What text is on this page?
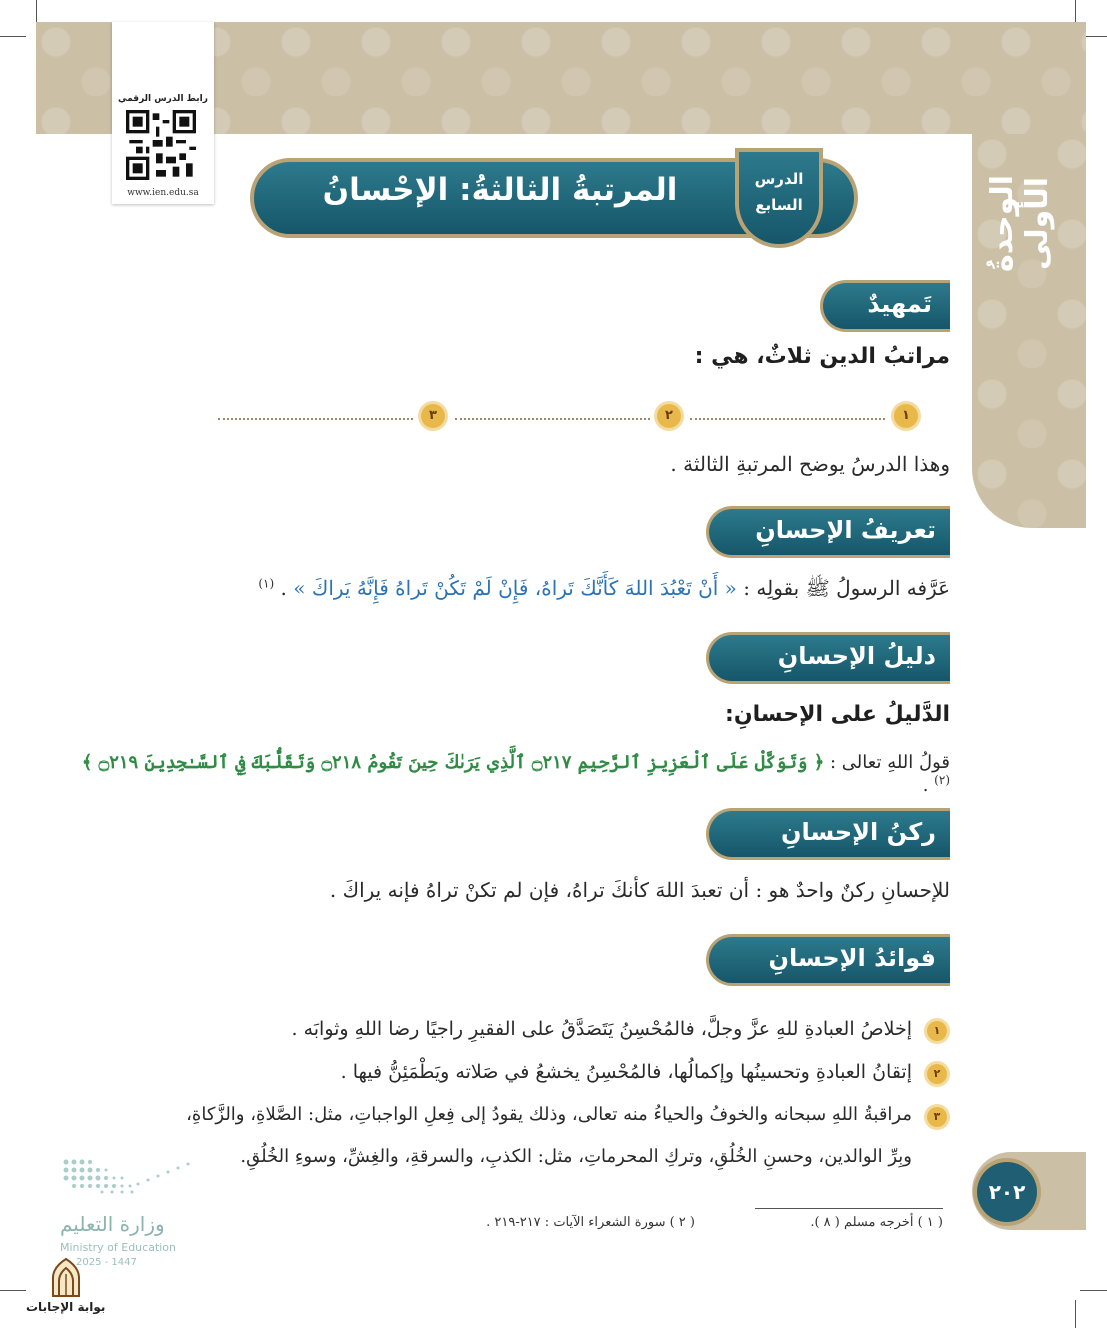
الوحدةُ الأولى
رابط الدرس الرقمي
www.ien.edu.sa	المرتبةُ الثالثةُ: الإحْسانُ	الدرس
السابع
تَمهيدٌ
مراتبُ الدين ثلاثٌ، هي :
١
٢
٣
وهذا الدرسُ يوضح المرتبةِ الثالثة .
تعريفُ الإحسانِ
عَرَّفه الرسولُ ﷺ بقولِه : « أَنْ تَعْبُدَ اللهَ كَأَنَّكَ تَراهُ، فَإِنْ لَمْ تَكُنْ تَراهُ فَإِنَّهُ يَراكَ » . $^{(١)}$
دليلُ الإحسانِ
الدَّليلُ على الإحسانِ:
قولُ اللهِ تعالى : ﴿ وَتَوَكَّلْ عَلَى ٱلْعَزِيزِ ٱلرَّحِيمِ ۝٢١٧ ٱلَّذِي يَرَىٰكَ حِينَ تَقُومُ ۝٢١٨ وَتَقَلُّبَكَ فِي ٱلسَّـٰجِدِينَ ۝٢١٩ ﴾ $^{(٢)}$ .
ركنُ الإحسانِ
للإحسانِ ركنٌ واحدٌ هو : أن تعبدَ اللهَ كأنكَ تراهُ، فإن لم تكنْ تراهُ فإنه يراكَ .
فوائدُ الإحسانِ
١
إخلاصُ العبادةِ للهِ عزَّ وجلَّ، فالمُحْسِنُ يَتَصَدَّقُ على الفقيرِ راجيًا رضا اللهِ وثوابَه .
٢
إتقانُ العبادةِ وتحسينُها وإكمالُها، فالمُحْسِنُ يخشعُ في صَلاته ويَطْمَئِنُّ فيها .
٣
مراقبةُ اللهِ سبحانه والخوفُ والحياءُ منه تعالى، وذلك يقودُ إلى فِعلِ الواجباتِ، مثل: الصَّلاةِ، والزَّكاةِ،
وبِرِّ الوالدين، وحسنِ الخُلُقِ، وتركِ المحرماتِ، مثل: الكذبِ، والسرقةِ، والغِشِّ، وسوءِ الخُلُقِ.
٢٠٢
( ١ ) أخرجه مسلم ( ٨ ).
( ٢ ) سورة الشعراء الآيات : ٢١٧-٢١٩ .
وزارة التعليم
Ministry of Education
2025 - 1447
بوابة الإجابات
